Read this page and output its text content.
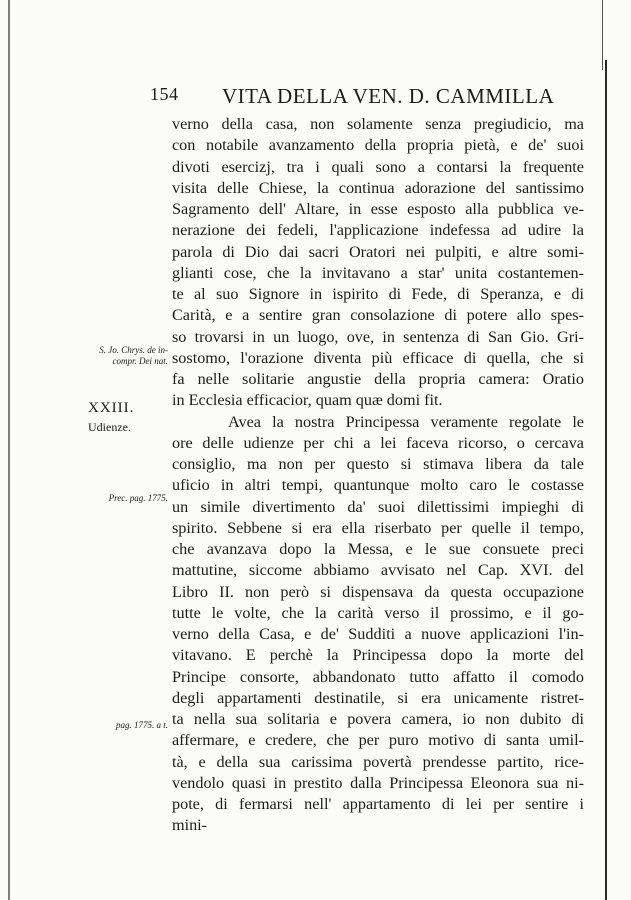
154 VITA DELLA VEN. D. CAMMILLA
S. Jo. Chrys. de in-
compr. Dei nat.
XXIII.
Udienze.
Prec. pag. 1775.
pag. 1775. a t.
verno della casa, non solamente senza pregiudicio, ma
con notabile avanzamento della propria pietà, e de' suoi
divoti esercizj, tra i quali sono a contarsi la frequente
visita delle Chiese, la continua adorazione del santissimo
Sagramento dell' Altare, in esse esposto alla pubblica ve-
nerazione dei fedeli, l'applicazione indefessa ad udire la
parola di Dio dai sacri Oratori nei pulpiti, e altre somi-
glianti cose, che la invitavano a star' unita costantemen-
te al suo Signore in ispirito di Fede, di Speranza, e di
Carità, e a sentire gran consolazione di potere allo spes-
so trovarsi in un luogo, ove, in sentenza di San Gio. Gri-
sostomo, l'orazione diventa più efficace di quella, che si
fa nelle solitarie angustie della propria camera: Oratio
in Ecclesia efficacior, quam quæ domi fit.
Avea la nostra Principessa veramente regolate le
ore delle udienze per chi a lei faceva ricorso, o cercava
consiglio, ma non per questo si stimava libera da tale
uficio in altri tempi, quantunque molto caro le costasse
un simile divertimento da' suoi dilettissimi impieghi di
spirito. Sebbene si era ella riserbato per quelle il tempo,
che avanzava dopo la Messa, e le sue consuete preci
mattutine, siccome abbiamo avvisato nel Cap. XVI. del
Libro II. non però si dispensava da questa occupazione
tutte le volte, che la carità verso il prossimo, e il go-
verno della Casa, e de' Sudditi a nuove applicazioni l'in-
vitavano. E perchè la Principessa dopo la morte del
Principe consorte, abbandonato tutto affatto il comodo
degli appartamenti destinatile, si era unicamente ristret-
ta nella sua solitaria e povera camera, io non dubito di
affermare, e credere, che per puro motivo di santa umil-
tà, e della sua carissima povertà prendesse partito, rice-
vendolo quasi in prestito dalla Principessa Eleonora sua ni-
pote, di fermarsi nell' appartamento di lei per sentire i
mini-
